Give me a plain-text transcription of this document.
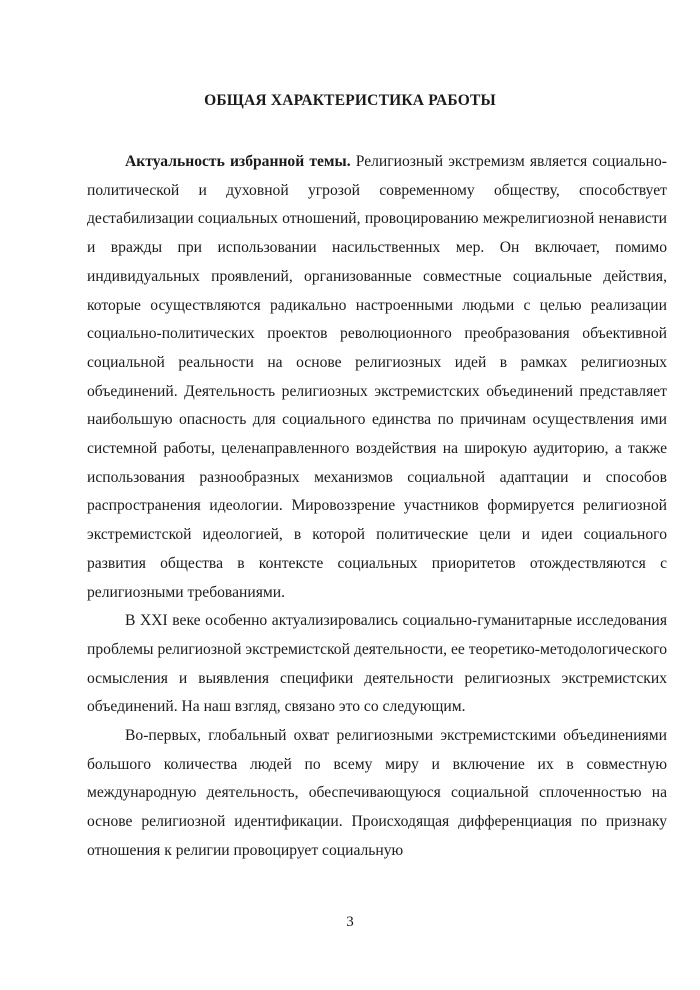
ОБЩАЯ ХАРАКТЕРИСТИКА РАБОТЫ

Актуальность избранной темы. Религиозный экстремизм является социально-политической и духовной угрозой современному обществу, способствует дестабилизации социальных отношений, провоцированию межрелигиозной ненависти и вражды при использовании насильственных мер. Он включает, помимо индивидуальных проявлений, организованные совместные социальные действия, которые осуществляются радикально настроенными людьми с целью реализации социально-политических проектов революционного преобразования объективной социальной реальности на основе религиозных идей в рамках религиозных объединений. Деятельность религиозных экстремистских объединений представляет наибольшую опасность для социального единства по причинам осуществления ими системной работы, целенаправленного воздействия на широкую аудиторию, а также использования разнообразных механизмов социальной адаптации и способов распространения идеологии. Мировоззрение участников формируется религиозной экстремистской идеологией, в которой политические цели и идеи социального развития общества в контексте социальных приоритетов отождествляются с религиозными требованиями.

В XXI веке особенно актуализировались социально-гуманитарные исследования проблемы религиозной экстремистской деятельности, ее теоретико-методологического осмысления и выявления специфики деятельности религиозных экстремистских объединений. На наш взгляд, связано это со следующим.

Во-первых, глобальный охват религиозными экстремистскими объединениями большого количества людей по всему миру и включение их в совместную международную деятельность, обеспечивающуюся социальной сплоченностью на основе религиозной идентификации. Происходящая дифференциация по признаку отношения к религии провоцирует социальную

3
